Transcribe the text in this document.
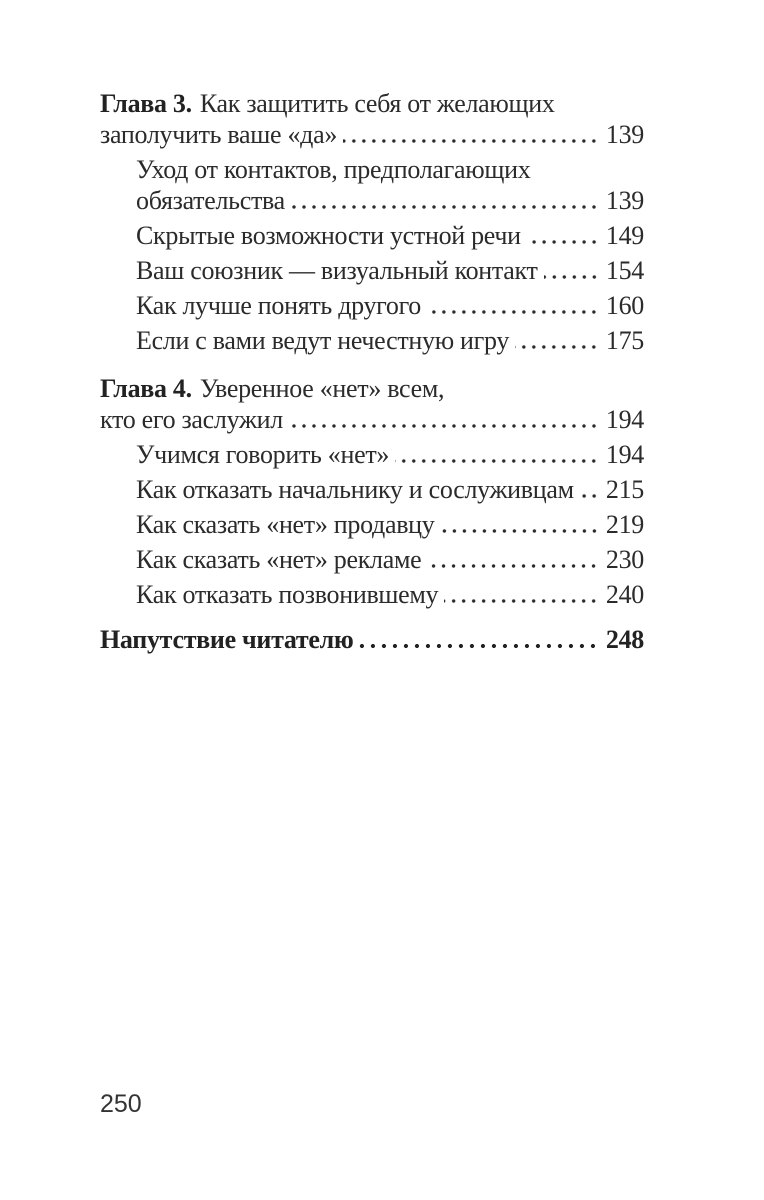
Глава 3. Как защитить себя от желающих
заполучить ваше «да»	139
Уход от контактов, предполагающих
обязательства	139
Скрытые возможности устной речи	149
Ваш союзник — визуальный контакт	154
Как лучше понять другого	160
Если с вами ведут нечестную игру	175
Глава 4. Уверенное «нет» всем,
кто его заслужил	194
Учимся говорить «нет»	194
Как отказать начальнику и сослуживцам 215
Как сказать «нет» продавцу	219
Как сказать «нет» рекламе	230
Как отказать позвонившему	240
Напутствие читателю	248
250
